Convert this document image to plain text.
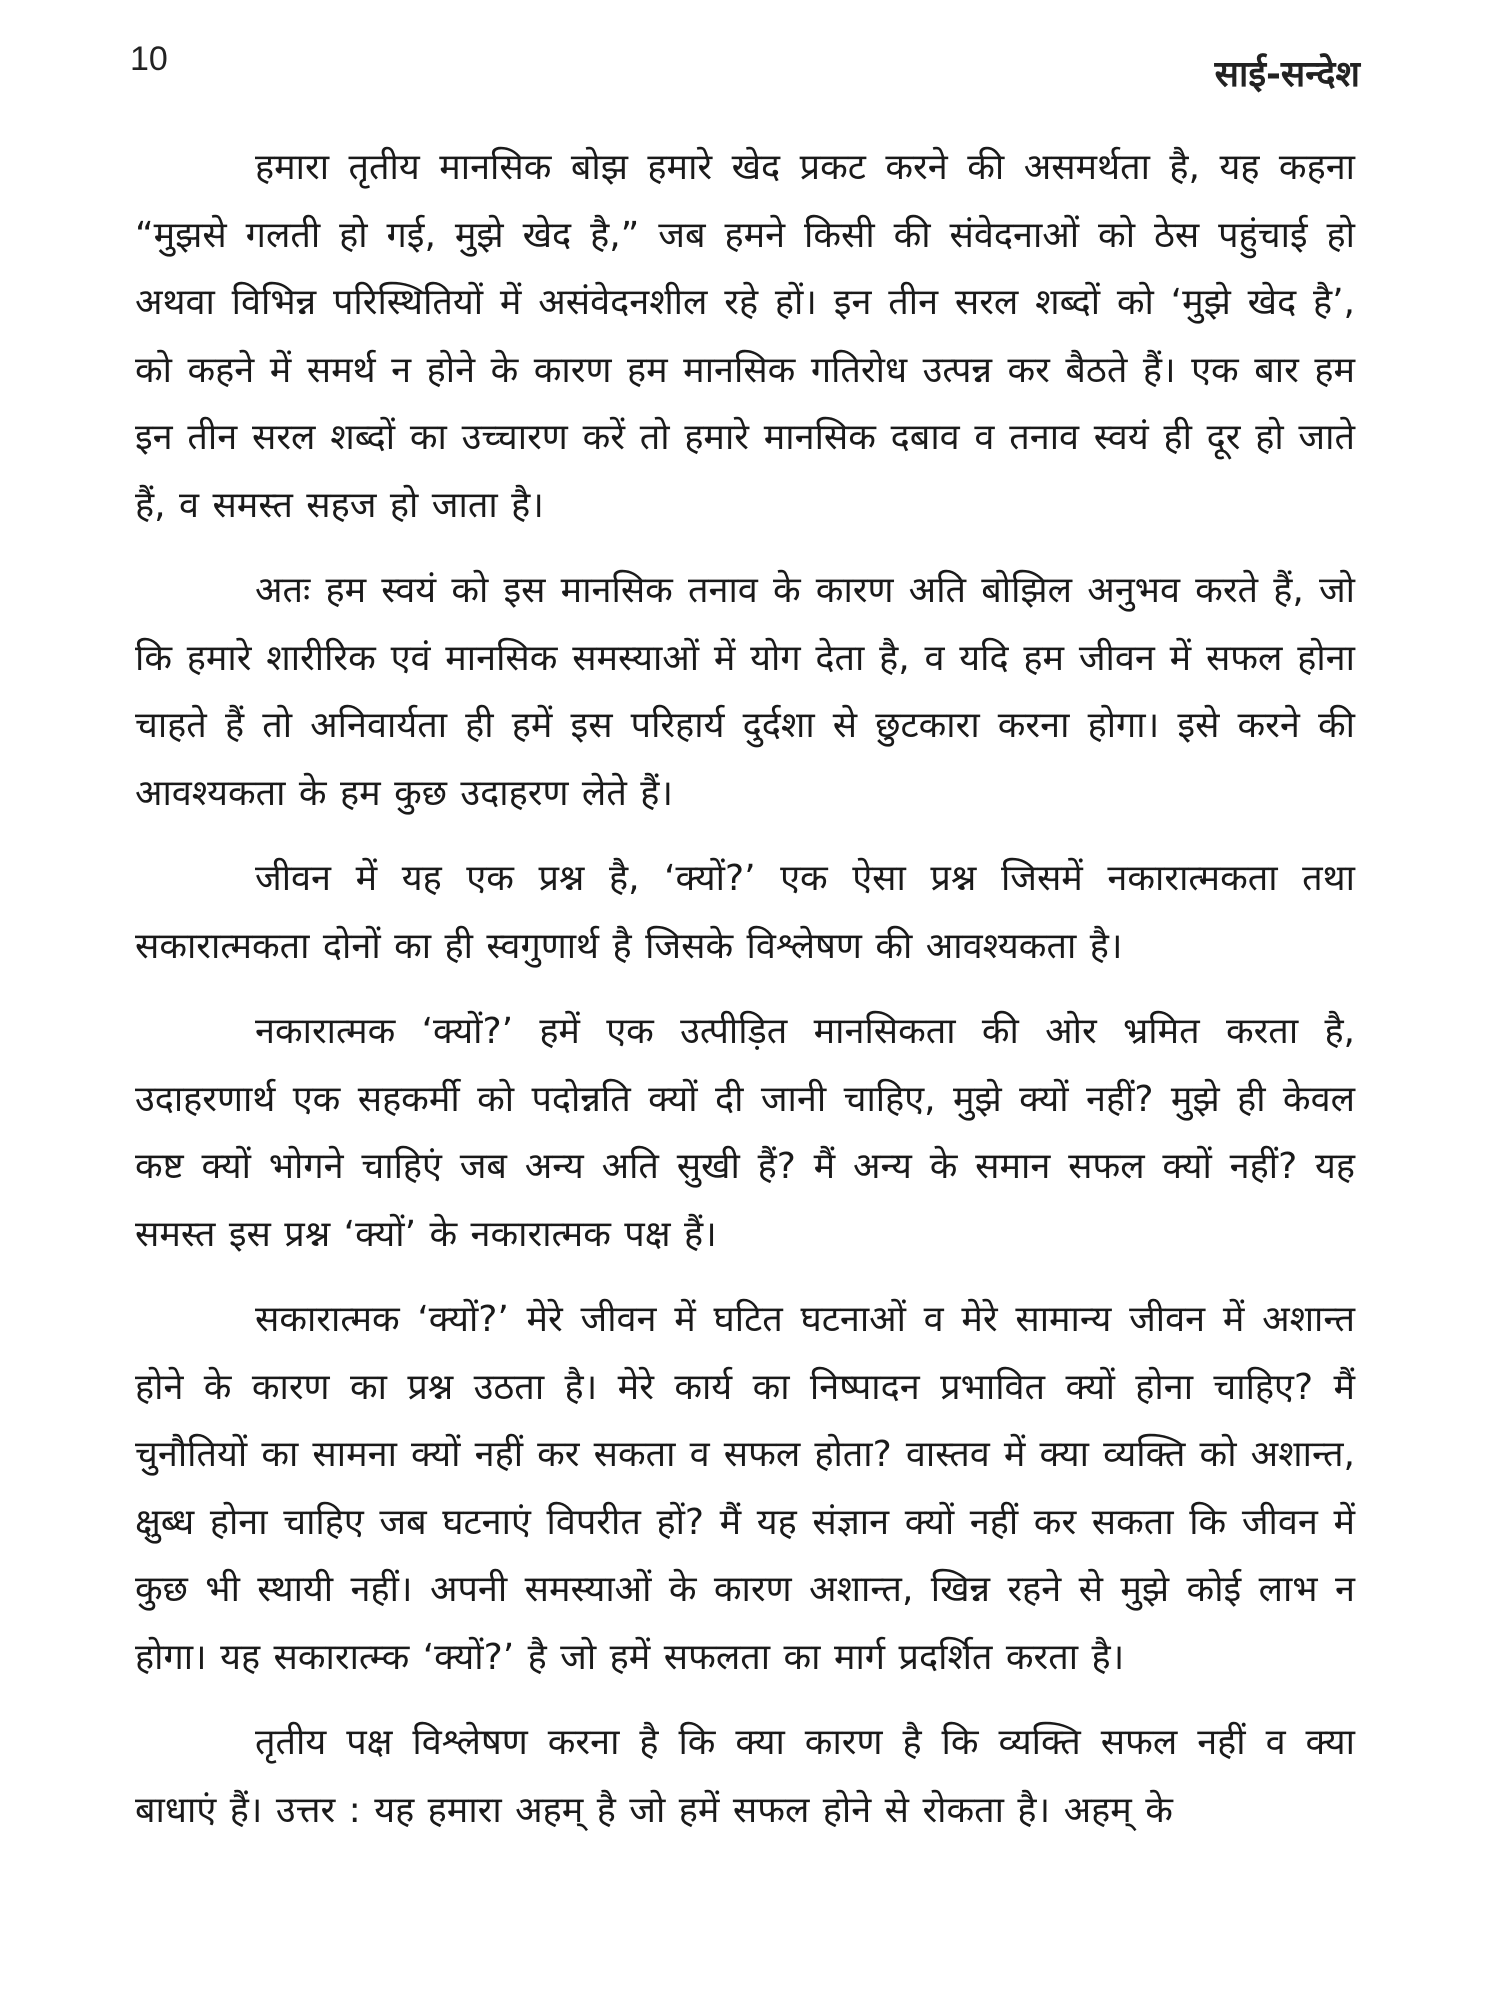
10	साई-सन्देश

हमारा तृतीय मानसिक बोझ हमारे खेद प्रकट करने की असमर्थता है, यह कहना “मुझसे गलती हो गई, मुझे खेद है,” जब हमने किसी की संवेदनाओं को ठेस पहुंचाई हो अथवा विभिन्न परिस्थितियों में असंवेदनशील रहे हों। इन तीन सरल शब्दों को ‘मुझे खेद है’, को कहने में समर्थ न होने के कारण हम मानसिक गतिरोध उत्पन्न कर बैठते हैं। एक बार हम इन तीन सरल शब्दों का उच्चारण करें तो हमारे मानसिक दबाव व तनाव स्वयं ही दूर हो जाते हैं, व समस्त सहज हो जाता है।

अतः हम स्वयं को इस मानसिक तनाव के कारण अति बोझिल अनुभव करते हैं, जो कि हमारे शारीरिक एवं मानसिक समस्याओं में योग देता है, व यदि हम जीवन में सफल होना चाहते हैं तो अनिवार्यता ही हमें इस परिहार्य दुर्दशा से छुटकारा करना होगा। इसे करने की आवश्यकता के हम कुछ उदाहरण लेते हैं।

जीवन में यह एक प्रश्न है, ‘क्यों?’ एक ऐसा प्रश्न जिसमें नकारात्मकता तथा सकारात्मकता दोनों का ही स्वगुणार्थ है जिसके विश्लेषण की आवश्यकता है।

नकारात्मक ‘क्यों?’ हमें एक उत्पीड़ित मानसिकता की ओर भ्रमित करता है, उदाहरणार्थ एक सहकर्मी को पदोन्नति क्यों दी जानी चाहिए, मुझे क्यों नहीं? मुझे ही केवल कष्ट क्यों भोगने चाहिएं जब अन्य अति सुखी हैं? मैं अन्य के समान सफल क्यों नहीं? यह समस्त इस प्रश्न ‘क्यों’ के नकारात्मक पक्ष हैं।

सकारात्मक ‘क्यों?’ मेरे जीवन में घटित घटनाओं व मेरे सामान्य जीवन में अशान्त होने के कारण का प्रश्न उठता है। मेरे कार्य का निष्पादन प्रभावित क्यों होना चाहिए? मैं चुनौतियों का सामना क्यों नहीं कर सकता व सफल होता? वास्तव में क्या व्यक्ति को अशान्त, क्षुब्ध होना चाहिए जब घटनाएं विपरीत हों? मैं यह संज्ञान क्यों नहीं कर सकता कि जीवन में कुछ भी स्थायी नहीं। अपनी समस्याओं के कारण अशान्त, खिन्न रहने से मुझे कोई लाभ न होगा। यह सकारात्म्क ‘क्यों?’ है जो हमें सफलता का मार्ग प्रदर्शित करता है।

तृतीय पक्ष विश्लेषण करना है कि क्या कारण है कि व्यक्ति सफल नहीं व क्या बाधाएं हैं। उत्तर : यह हमारा अहम् है जो हमें सफल होने से रोकता है। अहम् के
